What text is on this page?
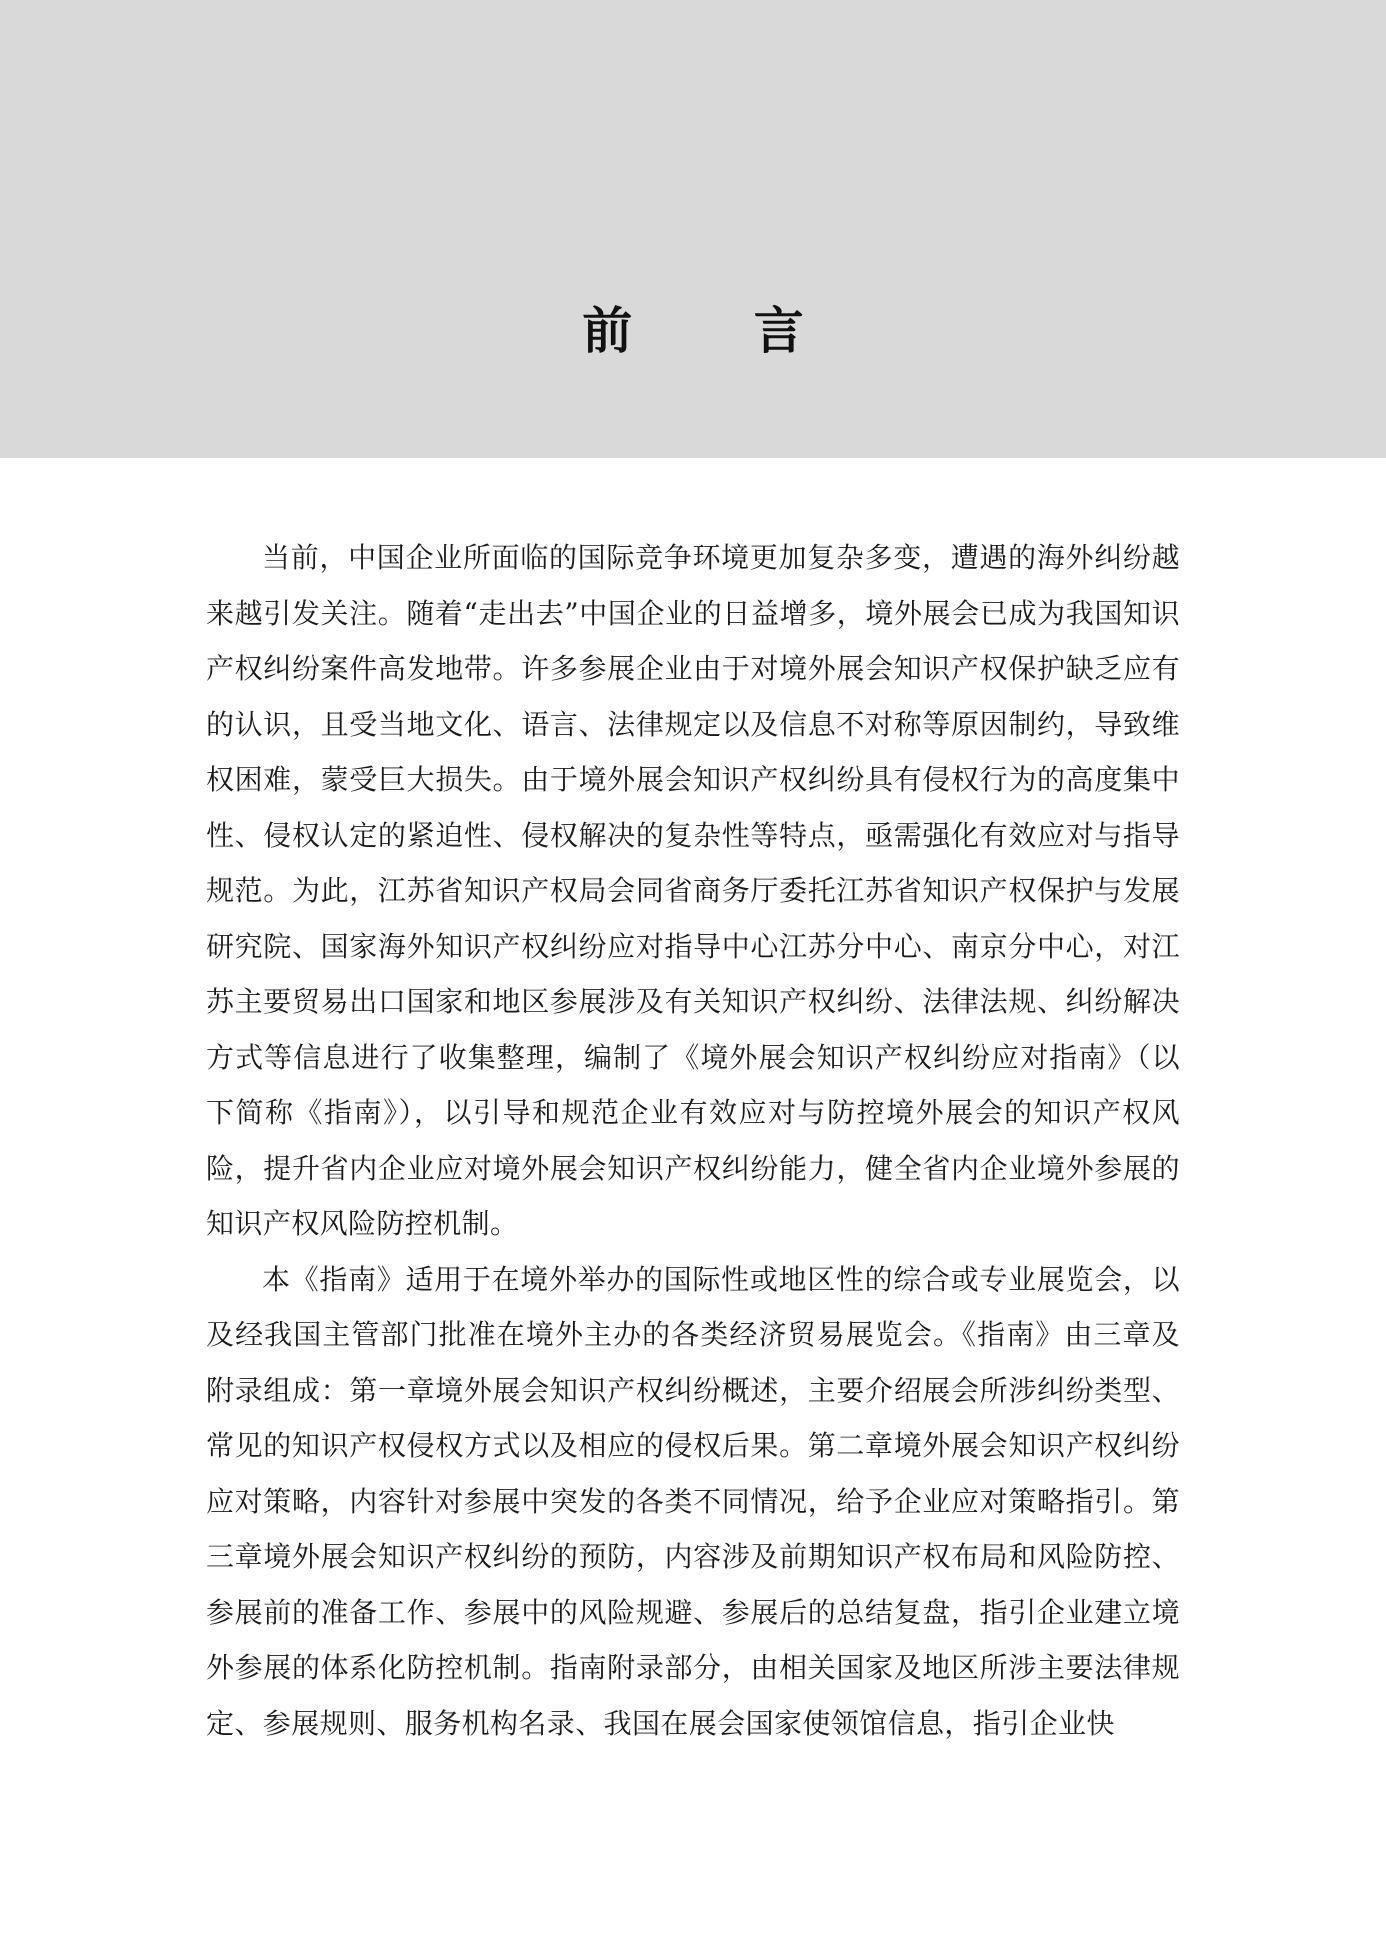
前 言

当前，中国企业所面临的国际竞争环境更加复杂多变，遭遇的海外纠纷越来越引发关注。随着“走出去”中国企业的日益增多，境外展会已成为我国知识产权纠纷案件高发地带。许多参展企业由于对境外展会知识产权保护缺乏应有的认识，且受当地文化、语言、法律规定以及信息不对称等原因制约，导致维权困难，蒙受巨大损失。由于境外展会知识产权纠纷具有侵权行为的高度集中性、侵权认定的紧迫性、侵权解决的复杂性等特点，亟需强化有效应对与指导规范。为此，江苏省知识产权局会同省商务厅委托江苏省知识产权保护与发展研究院、国家海外知识产权纠纷应对指导中心江苏分中心、南京分中心，对江苏主要贸易出口国家和地区参展涉及有关知识产权纠纷、法律法规、纠纷解决方式等信息进行了收集整理，编制了《境外展会知识产权纠纷应对指南》（以下简称《指南》），以引导和规范企业有效应对与防控境外展会的知识产权风险，提升省内企业应对境外展会知识产权纠纷能力，健全省内企业境外参展的知识产权风险防控机制。

本《指南》适用于在境外举办的国际性或地区性的综合或专业展览会，以及经我国主管部门批准在境外主办的各类经济贸易展览会。《指南》由三章及附录组成：第一章境外展会知识产权纠纷概述，主要介绍展会所涉纠纷类型、常见的知识产权侵权方式以及相应的侵权后果。第二章境外展会知识产权纠纷应对策略，内容针对参展中突发的各类不同情况，给予企业应对策略指引。第三章境外展会知识产权纠纷的预防，内容涉及前期知识产权布局和风险防控、参展前的准备工作、参展中的风险规避、参展后的总结复盘，指引企业建立境外参展的体系化防控机制。指南附录部分，由相关国家及地区所涉主要法律规定、参展规则、服务机构名录、我国在展会国家使领馆信息，指引企业快
